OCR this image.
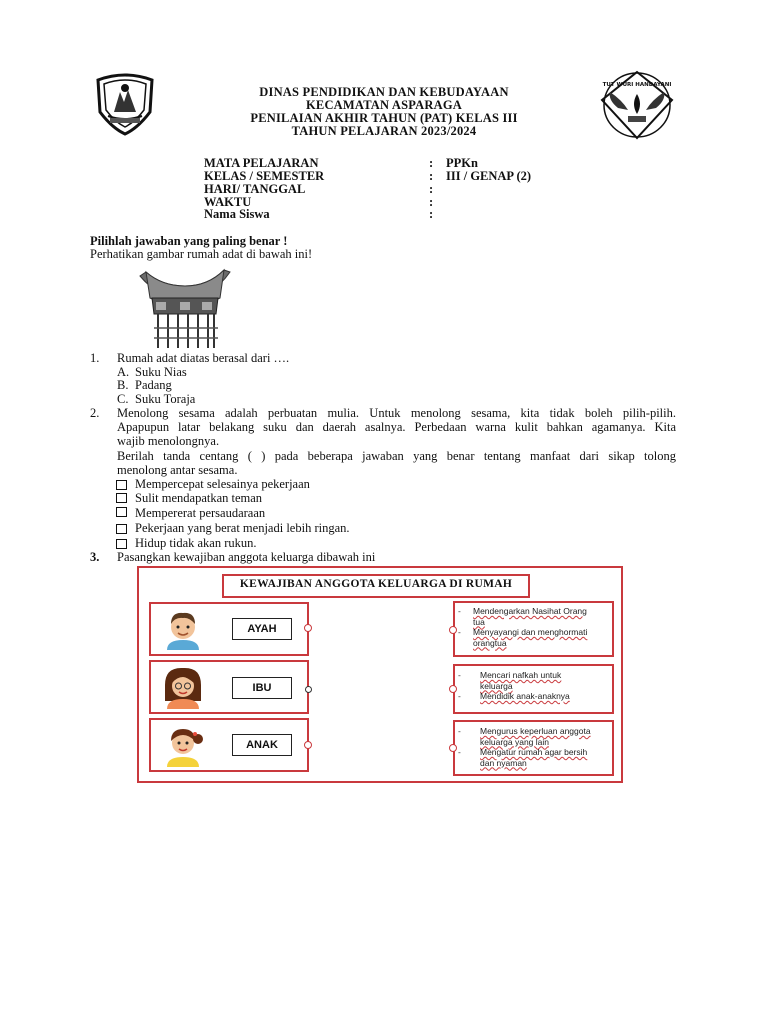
TUT WURI HANDAYANI
DINAS PENDIDIKAN DAN KEBUDAYAAN
KECAMATAN ASPARAGA
PENILAIAN AKHIR TAHUN (PAT) KELAS III
TAHUN PELAJARAN 2023/2024
MATA PELAJARAN	: PPKn
KELAS / SEMESTER	: III / GENAP (2)
HARI/ TANGGAL	:
WAKTU	:
Nama Siswa	:
Pilihlah jawaban yang paling benar !
Perhatikan gambar rumah adat di bawah ini!
1. Rumah adat diatas berasal dari ….
A. Suku Nias
B. Padang
C. Suku Toraja
2. Menolong sesama adalah perbuatan mulia. Untuk menolong sesama, kita tidak boleh pilih-pilih.
Apapupun latar belakang suku dan daerah asalnya. Perbedaan warna kulit bahkan agamanya. Kita
wajib menolongnya.
Berilah tanda centang ( ) pada beberapa jawaban yang benar tentang manfaat dari sikap tolong
menolong antar sesama.
Mempercepat selesainya pekerjaan
Sulit mendapatkan teman
Mempererat persaudaraan
Pekerjaan yang berat menjadi lebih ringan.
Hidup tidak akan rukun.
3. Pasangkan kewajiban anggota keluarga dibawah ini
KEWAJIBAN ANGGOTA KELUARGA DI RUMAH
AYAH
IBU
ANAK
- Mendengarkan Nasihat Orang
tua
- Menyayangi dan menghormati
orangtua
- Mencari nafkah untuk
keluarga
- Mendidik anak-anaknya
- Mengurus keperluan anggota
keluarga yang lain
- Mengatur rumah agar bersih
dan nyaman
